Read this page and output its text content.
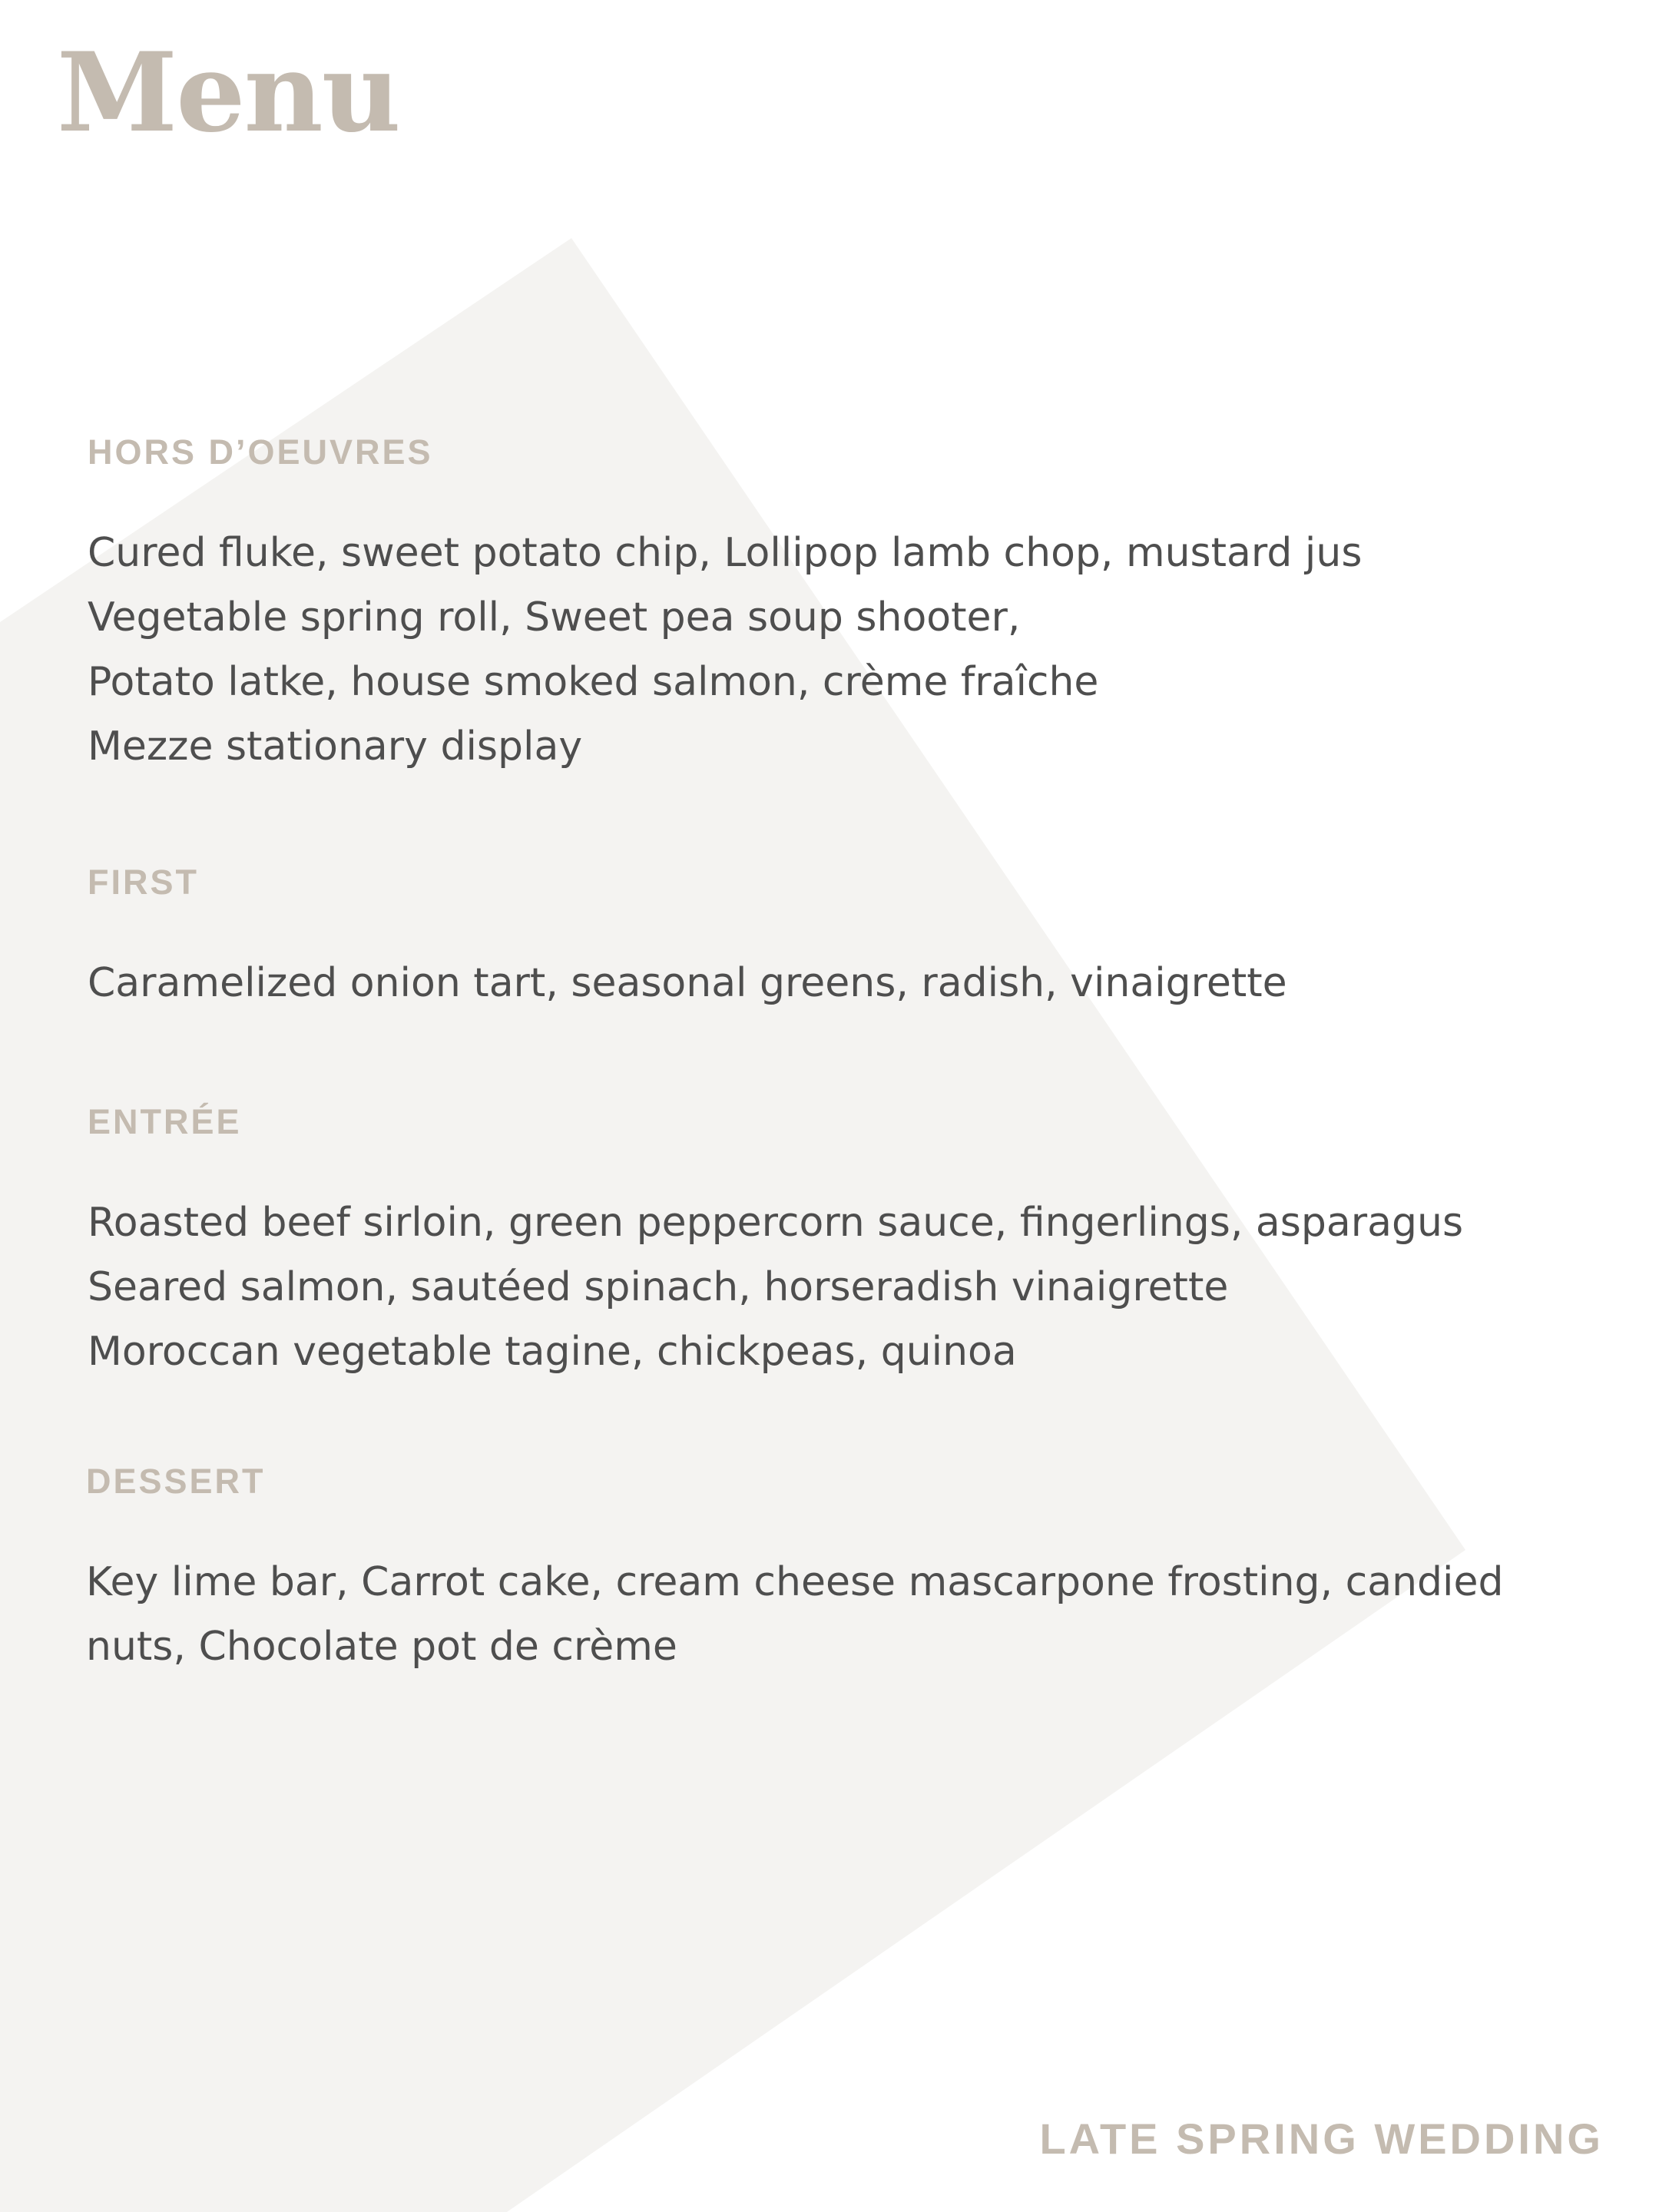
Menu
HORS D’OEUVRES
Cured fluke, sweet potato chip, Lollipop lamb chop, mustard jus
Vegetable spring roll, Sweet pea soup shooter,
Potato latke, house smoked salmon, crème fraîche
Mezze stationary display
FIRST
Caramelized onion tart, seasonal greens, radish, vinaigrette
ENTRÉE
Roasted beef sirloin, green peppercorn sauce, fingerlings, asparagus
Seared salmon, sautéed spinach, horseradish vinaigrette
Moroccan vegetable tagine, chickpeas, quinoa
DESSERT
Key lime bar, Carrot cake, cream cheese mascarpone frosting, candied nuts, Chocolate pot de crème

LATE SPRING WEDDING
